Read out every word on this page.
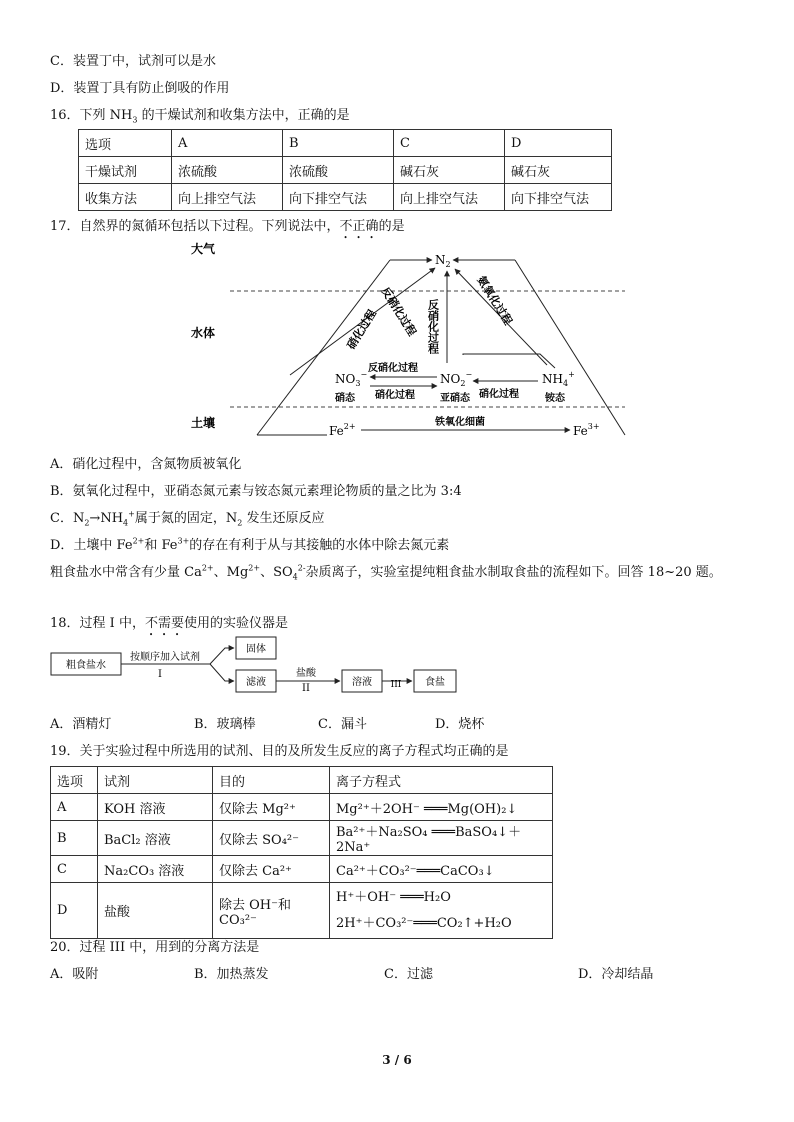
C．装置丁中，试剂可以是水
D．装置丁具有防止倒吸的作用
16．下列 $NH_3$ 的干燥试剂和收集方法中，正确的是
选项	A	B	C	D
干燥试剂	浓硫酸	浓硫酸	碱石灰	碱石灰
收集方法	向上排空气法	向下排空气法	向上排空气法	向下排空气法
17．自然界的氮循环包括以下过程。下列说法中，不正确的是
大气
水体
土壤
$N_2$
反硝化过程
硝化过程	反硝化过程	氨氧化过程
$NO_3^-$	$NO_2^-$	$NH_4^+$
硝态	亚硝态	铵态
反硝化过程
硝化过程	硝化过程
$Fe^{2+}$	铁氧化细菌
$Fe^{3+}$
A．硝化过程中，含氮物质被氧化
B．氨氧化过程中，亚硝态氮元素与铵态氮元素理论物质的量之比为 3:4
C．$N_2\to NH_4^+$属于氮的固定，$N_2$ 发生还原反应
D．土壤中 $Fe^{2+}$和 $Fe^{3+}$的存在有利于从与其接触的水体中除去氮元素
粗食盐水中常含有少量 $Ca^{2+}$、$Mg^{2+}$、$SO_4^{2-}$杂质离子，实验室提纯粗食盐水制取食盐的流程如下。回答 18~20 题。
18．过程 I 中，不需要使用的实验仪器是
粗食盐水
按顺序加入试剂
I
固体
滤液
盐酸
II
溶液 III 食盐
A．酒精灯	B．玻璃棒	C．漏斗	D．烧杯
19．关于实验过程中所选用的试剂、目的及所发生反应的离子方程式均正确的是
选项	试剂	目的	离子方程式
A	KOH 溶液	仅除去 Mg²⁺	Mg²⁺＋2OH⁻ ═══Mg(OH)₂↓
B	BaCl₂ 溶液	仅除去 SO₄²⁻	Ba²⁺＋Na₂SO₄ ═══BaSO₄↓＋2Na⁺
C	Na₂CO₃ 溶液	仅除去 Ca²⁺	Ca²⁺＋CO₃²⁻═══CaCO₃↓
D	盐酸	除去 OH⁻和 CO₃²⁻	H⁺＋OH⁻ ═══H₂O
2H⁺＋CO₃²⁻═══CO₂↑+H₂O
20．过程 III 中，用到的分离方法是
A．吸附	B．加热蒸发	C．过滤	D．冷却结晶
3 / 6
